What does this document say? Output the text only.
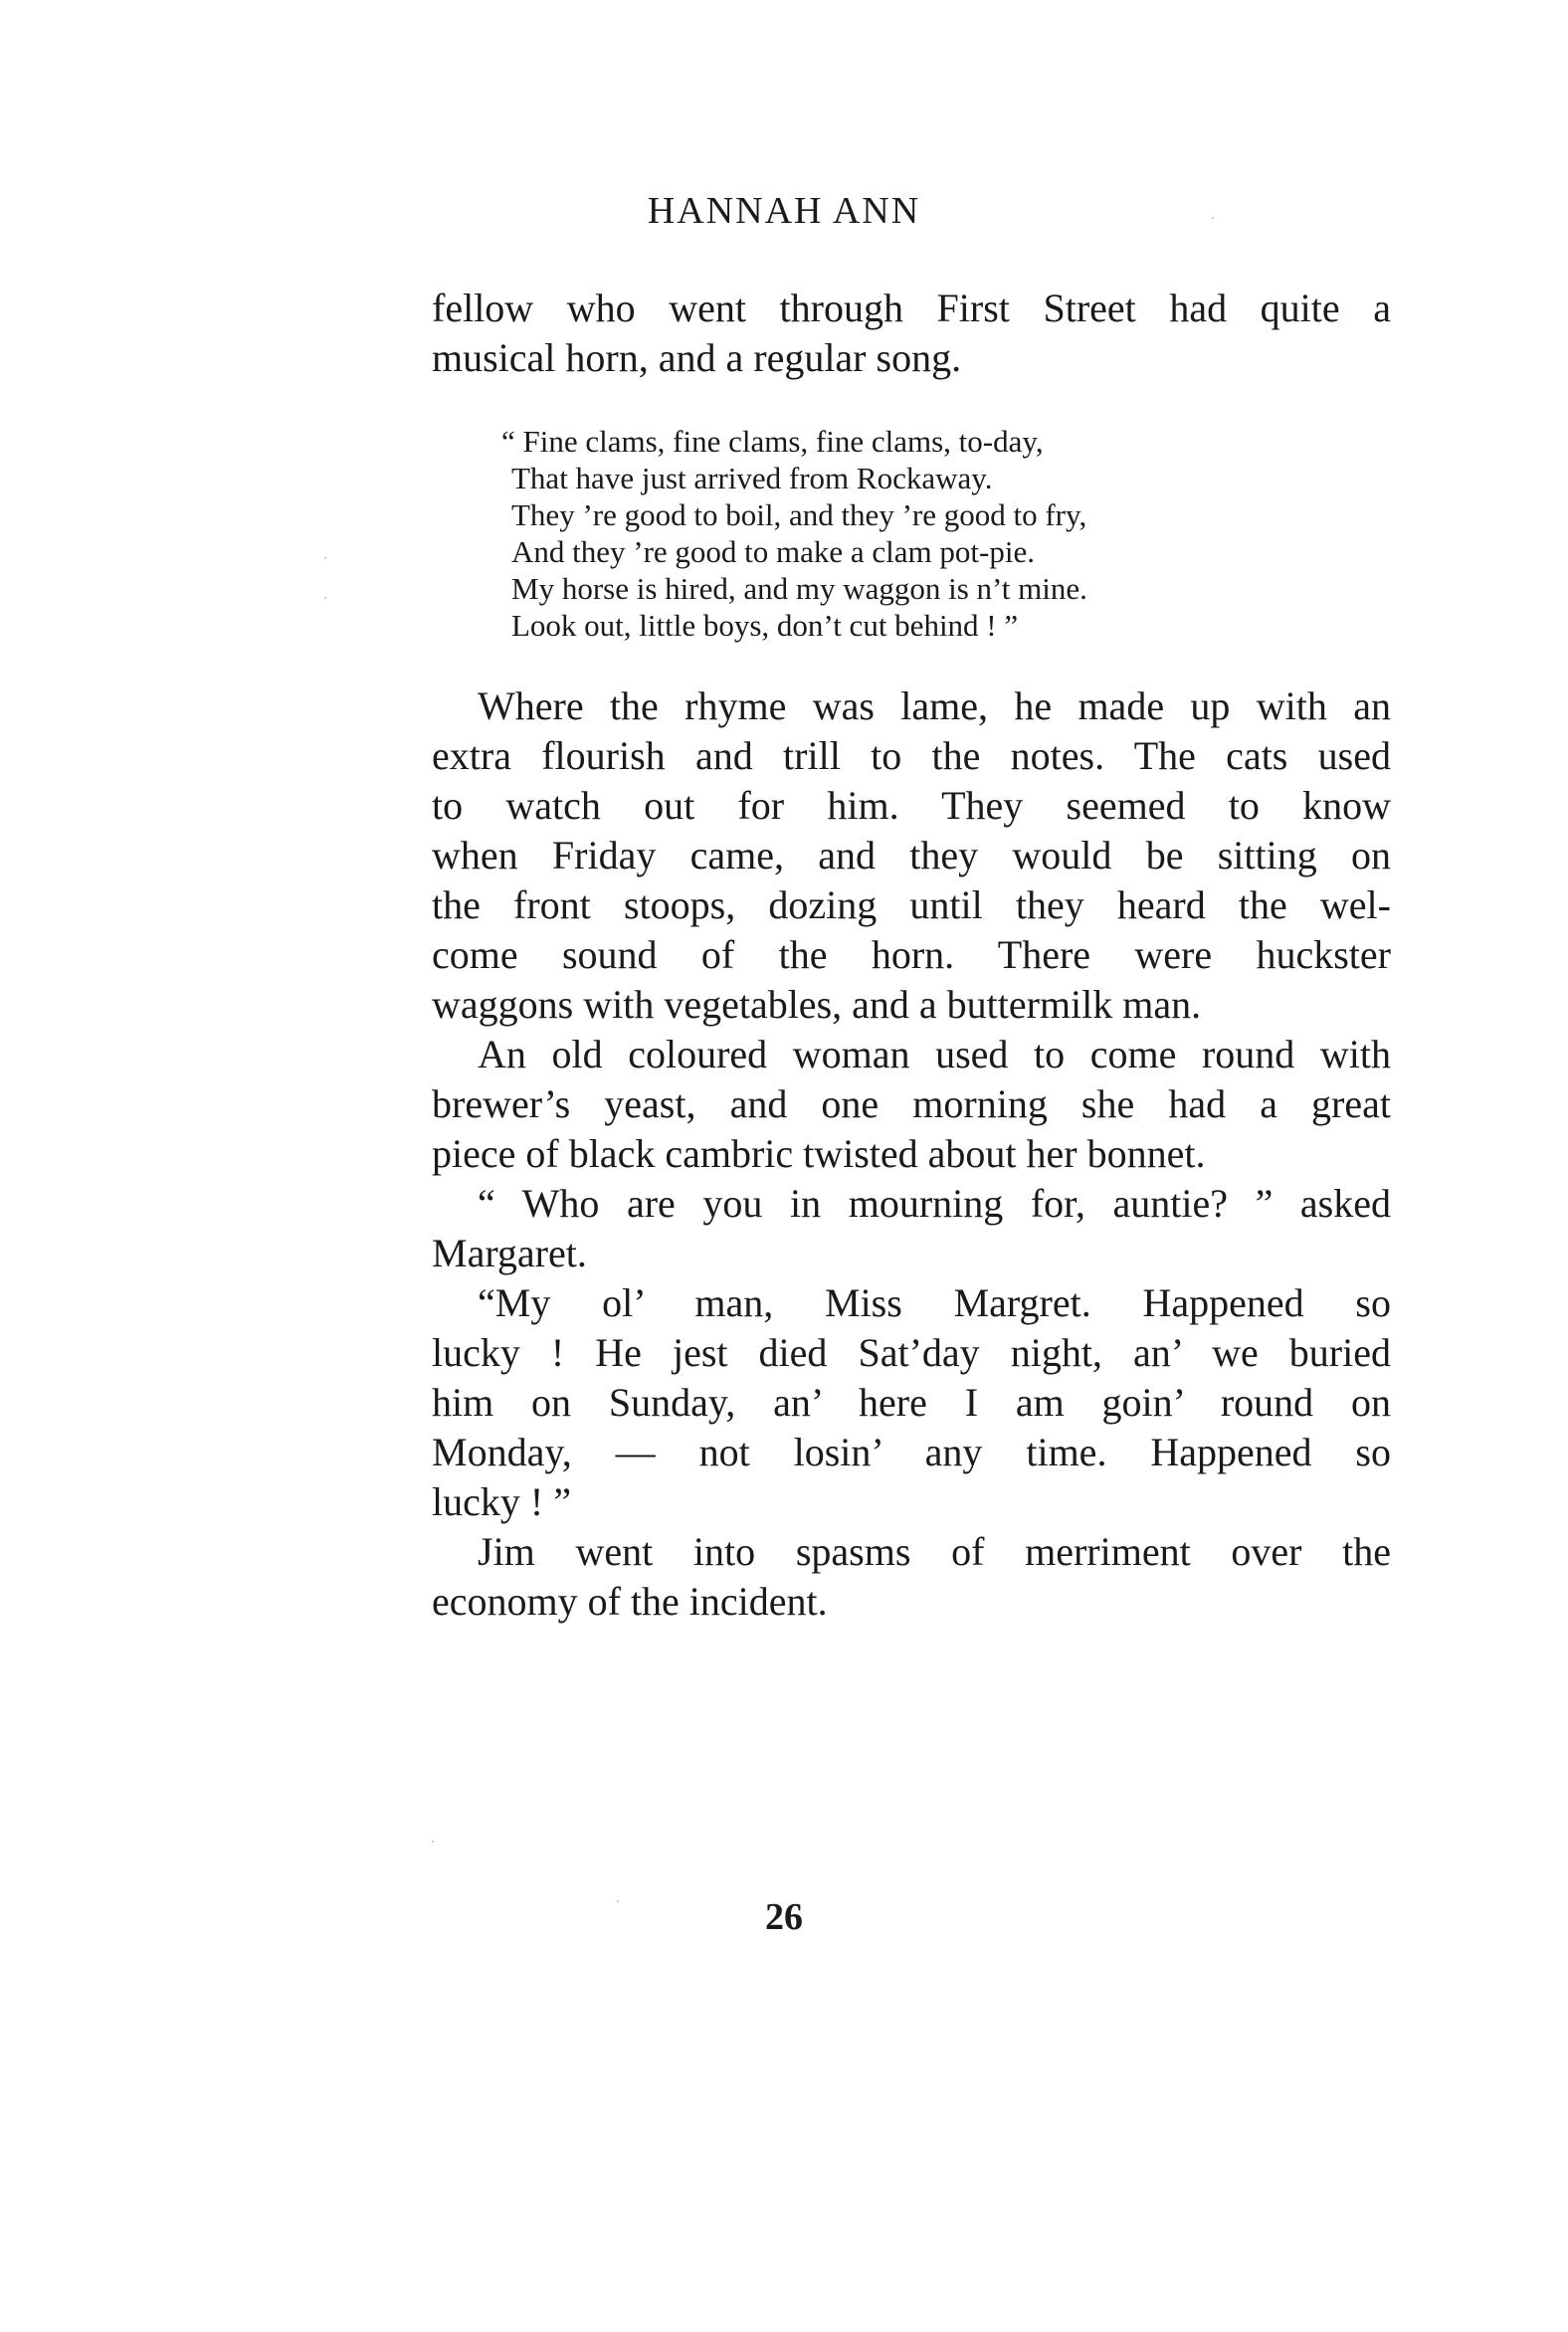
HANNAH ANN

fellow who went through First Street had quite a
musical horn, and a regular song.

“ Fine clams, fine clams, fine clams, to-day,
That have just arrived from Rockaway.
They ’re good to boil, and they ’re good to fry,
And they ’re good to make a clam pot-pie.
My horse is hired, and my waggon is n’t mine.
Look out, little boys, don’t cut behind ! ”

Where the rhyme was lame, he made up with an
extra flourish and trill to the notes. The cats used
to watch out for him. They seemed to know
when Friday came, and they would be sitting on
the front stoops, dozing until they heard the wel-
come sound of the horn. There were huckster
waggons with vegetables, and a buttermilk man.

An old coloured woman used to come round with
brewer’s yeast, and one morning she had a great
piece of black cambric twisted about her bonnet.

“ Who are you in mourning for, auntie? ” asked
Margaret.

“My ol’ man, Miss Margret. Happened so
lucky ! He jest died Sat’day night, an’ we buried
him on Sunday, an’ here I am goin’ round on
Monday, — not losin’ any time. Happened so
lucky ! ”

Jim went into spasms of merriment over the
economy of the incident.

26
